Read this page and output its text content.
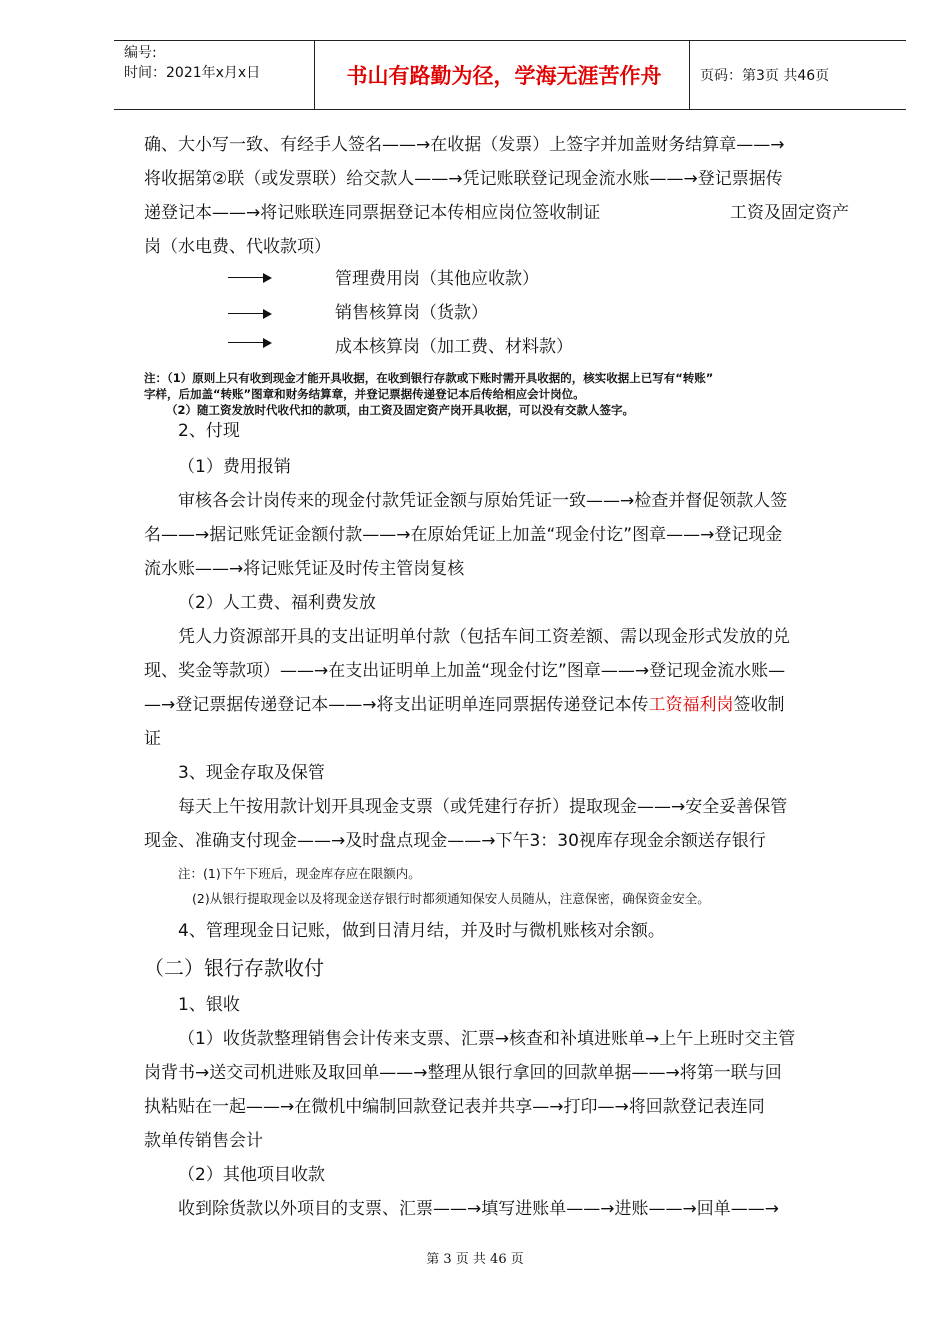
编号:
时间：2021年x月x日	书山有路勤为径，学海无涯苦作舟	页码：第3页 共46页
确、大小写一致、有经手人签名——→在收据（发票）上签字并加盖财务结算章——→
将收据第②联（或发票联）给交款人——→凭记账联登记现金流水账——→登记票据传
递登记本——→将记账联连同票据登记本传相应岗位签收制证	工资及固定资产
岗（水电费、代收款项）
管理费用岗（其他应收款）
销售核算岗（货款）
成本核算岗（加工费、材料款）
注：（1）原则上只有收到现金才能开具收据，在收到银行存款或下账时需开具收据的，核实收据上已写有“转账”
字样，后加盖“转账”图章和财务结算章，并登记票据传递登记本后传给相应会计岗位。
（2）随工资发放时代收代扣的款项，由工资及固定资产岗开具收据，可以没有交款人签字。
2、付现
（1）费用报销
审核各会计岗传来的现金付款凭证金额与原始凭证一致——→检查并督促领款人签
名——→据记账凭证金额付款——→在原始凭证上加盖“现金付讫”图章——→登记现金
流水账——→将记账凭证及时传主管岗复核
（2）人工费、福利费发放
凭人力资源部开具的支出证明单付款（包括车间工资差额、需以现金形式发放的兑
现、奖金等款项）——→在支出证明单上加盖“现金付讫”图章——→登记现金流水账—
—→登记票据传递登记本——→将支出证明单连同票据传递登记本传工资福利岗签收制
证
3、现金存取及保管
每天上午按用款计划开具现金支票（或凭建行存折）提取现金——→安全妥善保管
现金、准确支付现金——→及时盘点现金——→下午3：30视库存现金余额送存银行
注：(1)下午下班后，现金库存应在限额内。
(2)从银行提取现金以及将现金送存银行时都须通知保安人员随从，注意保密，确保资金安全。
4、管理现金日记账，做到日清月结，并及时与微机账核对余额。
（二）银行存款收付
1、银收
（1）收货款整理销售会计传来支票、汇票→核查和补填进账单→上午上班时交主管
岗背书→送交司机进账及取回单——→整理从银行拿回的回款单据——→将第一联与回
执粘贴在一起——→在微机中编制回款登记表并共享—→打印—→将回款登记表连同
款单传销售会计
（2）其他项目收款
收到除货款以外项目的支票、汇票——→填写进账单——→进账——→回单——→
第 3 页 共 46 页
